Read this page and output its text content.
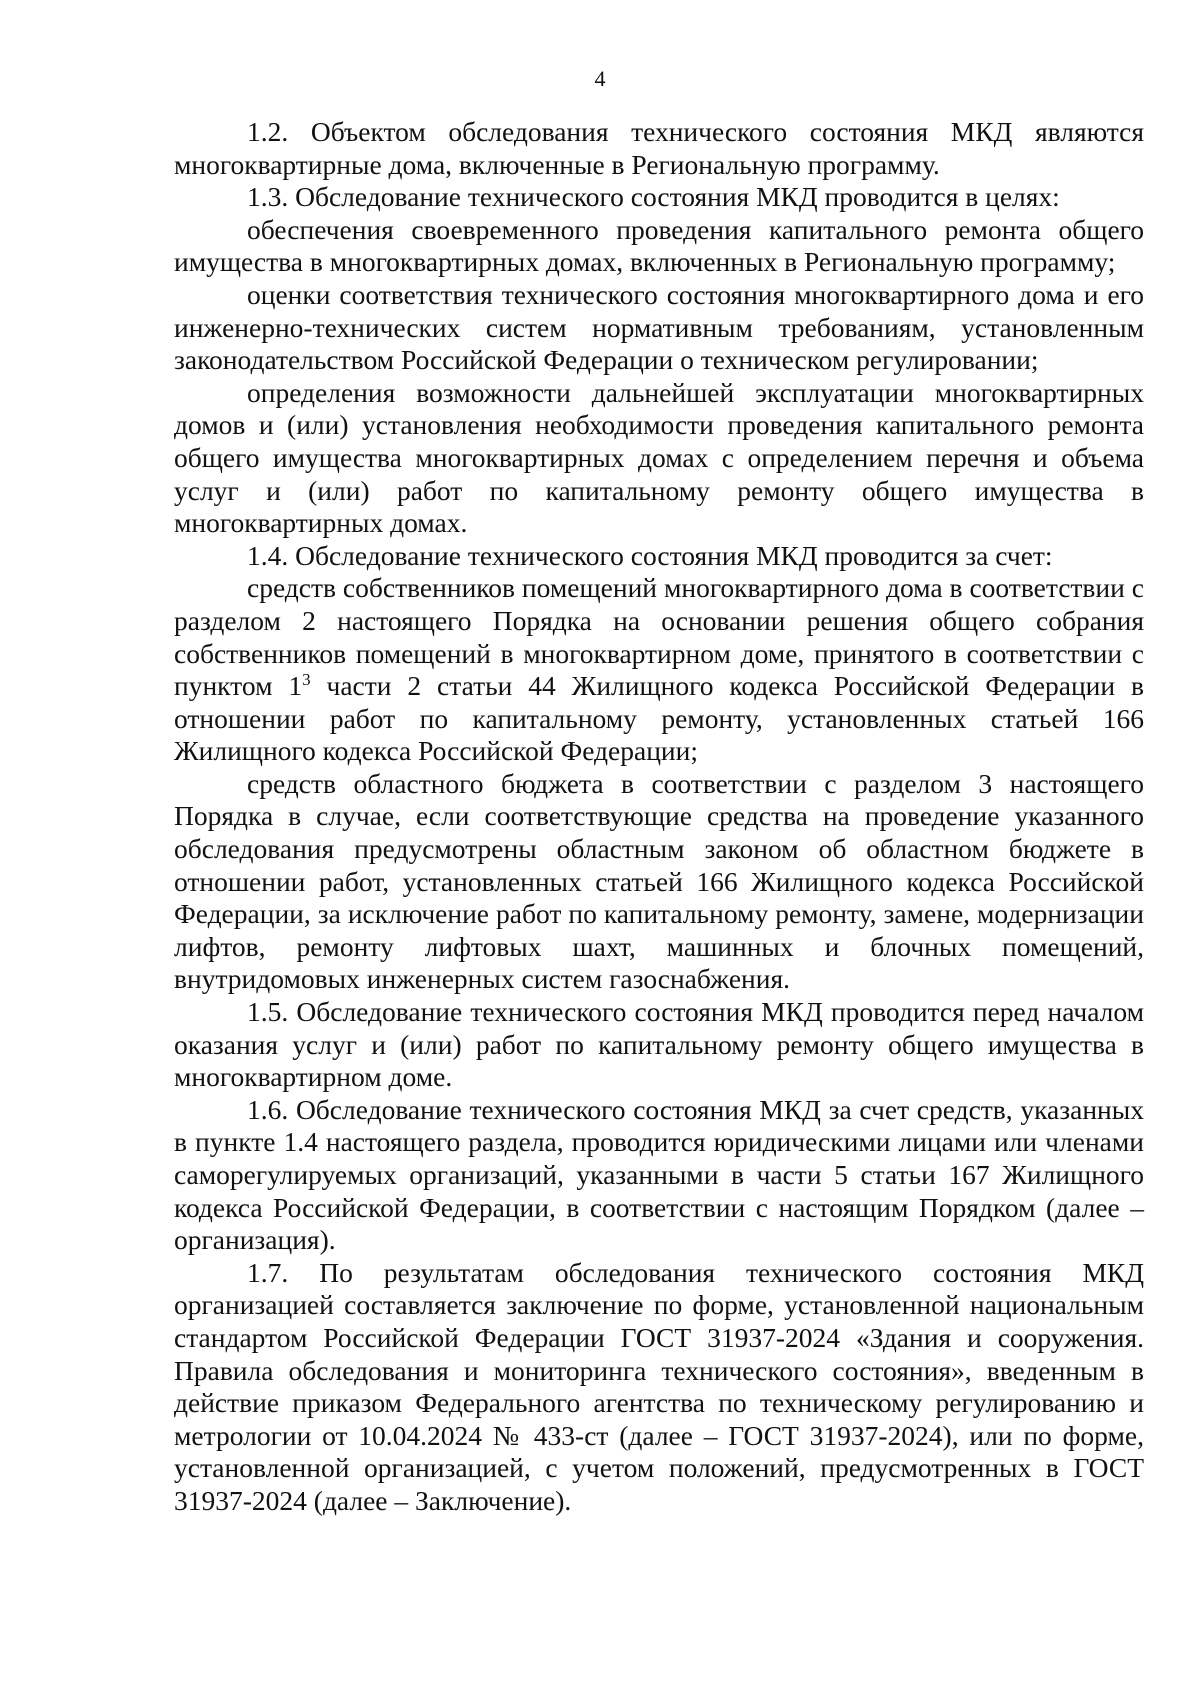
4

1.2. Объектом обследования технического состояния МКД являются многоквартирные дома, включенные в Региональную программу.

1.3. Обследование технического состояния МКД проводится в целях:

обеспечения своевременного проведения капитального ремонта общего имущества в многоквартирных домах, включенных в Региональную программу;

оценки соответствия технического состояния многоквартирного дома и его инженерно-технических систем нормативным требованиям, установленным законодательством Российской Федерации о техническом регулировании;

определения возможности дальнейшей эксплуатации многоквартирных домов и (или) установления необходимости проведения капитального ремонта общего имущества многоквартирных домах с определением перечня и объема услуг и (или) работ по капитальному ремонту общего имущества в многоквартирных домах.

1.4. Обследование технического состояния МКД проводится за счет:

средств собственников помещений многоквартирного дома в соответствии с разделом 2 настоящего Порядка на основании решения общего собрания собственников помещений в многоквартирном доме, принятого в соответствии с пунктом $1^3$ части 2 статьи 44 Жилищного кодекса Российской Федерации в отношении работ по капитальному ремонту, установленных статьей 166 Жилищного кодекса Российской Федерации;

средств областного бюджета в соответствии с разделом 3 настоящего Порядка в случае, если соответствующие средства на проведение указанного обследования предусмотрены областным законом об областном бюджете в отношении работ, установленных статьей 166 Жилищного кодекса Российской Федерации, за исключение работ по капитальному ремонту, замене, модернизации лифтов, ремонту лифтовых шахт, машинных и блочных помещений, внутридомовых инженерных систем газоснабжения.

1.5. Обследование технического состояния МКД проводится перед началом оказания услуг и (или) работ по капитальному ремонту общего имущества в многоквартирном доме.

1.6. Обследование технического состояния МКД за счет средств, указанных в пункте 1.4 настоящего раздела, проводится юридическими лицами или членами саморегулируемых организаций, указанными в части 5 статьи 167 Жилищного кодекса Российской Федерации, в соответствии с настоящим Порядком (далее – организация).

1.7. По результатам обследования технического состояния МКД организацией составляется заключение по форме, установленной национальным стандартом Российской Федерации ГОСТ 31937-2024 «Здания и сооружения. Правила обследования и мониторинга технического состояния», введенным в действие приказом Федерального агентства по техническому регулированию и метрологии от 10.04.2024 № 433-ст (далее – ГОСТ 31937-2024), или по форме, установленной организацией, с учетом положений, предусмотренных в ГОСТ 31937-2024 (далее – Заключение).
